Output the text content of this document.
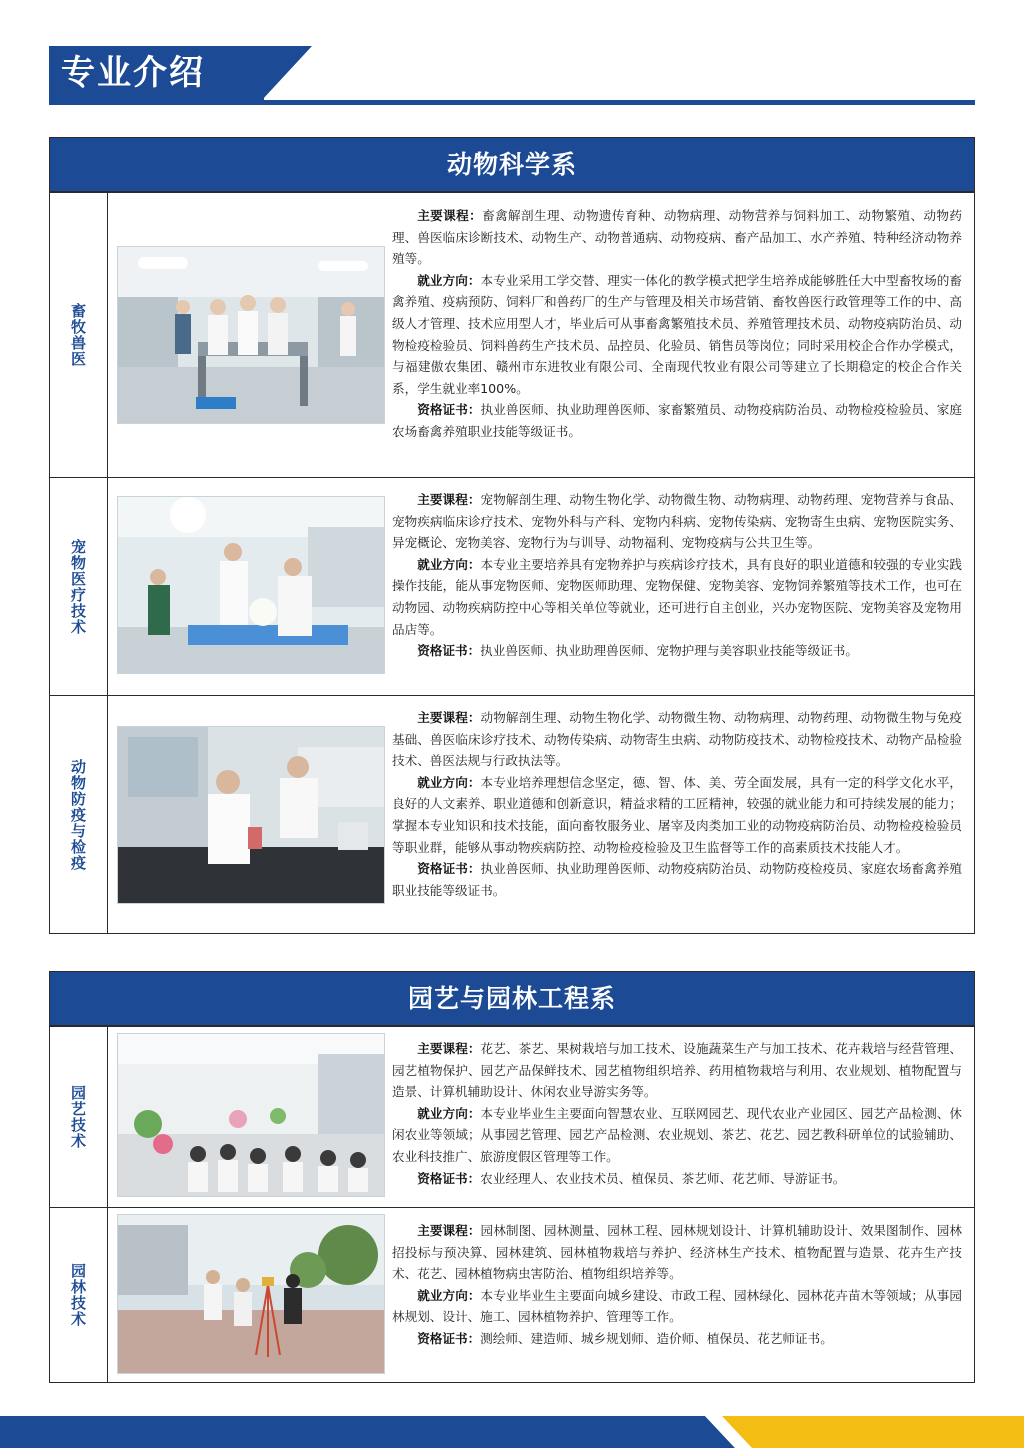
专业介绍
动物科学系
畜牧兽医

主要课程：畜禽解剖生理、动物遗传育种、动物病理、动物营养与饲料加工、动物繁殖、动物药理、兽医临床诊断技术、动物生产、动物普通病、动物疫病、畜产品加工、水产养殖、特种经济动物养殖等。

就业方向：本专业采用工学交替、理实一体化的教学模式把学生培养成能够胜任大中型畜牧场的畜禽养殖、疫病预防、饲料厂和兽药厂的生产与管理及相关市场营销、畜牧兽医行政管理等工作的中、高级人才管理、技术应用型人才，毕业后可从事畜禽繁殖技术员、养殖管理技术员、动物疫病防治员、动物检疫检验员、饲料兽药生产技术员、品控员、化验员、销售员等岗位；同时采用校企合作办学模式，与福建傲农集团、赣州市东进牧业有限公司、全南现代牧业有限公司等建立了长期稳定的校企合作关系，学生就业率100%。

资格证书：执业兽医师、执业助理兽医师、家畜繁殖员、动物疫病防治员、动物检疫检验员、家庭农场畜禽养殖职业技能等级证书。

宠物医疗技术

主要课程：宠物解剖生理、动物生物化学、动物微生物、动物病理、动物药理、宠物营养与食品、宠物疾病临床诊疗技术、宠物外科与产科、宠物内科病、宠物传染病、宠物寄生虫病、宠物医院实务、异宠概论、宠物美容、宠物行为与训导、动物福利、宠物疫病与公共卫生等。

就业方向：本专业主要培养具有宠物养护与疾病诊疗技术，具有良好的职业道德和较强的专业实践操作技能，能从事宠物医师、宠物医师助理、宠物保健、宠物美容、宠物饲养繁殖等技术工作，也可在动物园、动物疾病防控中心等相关单位等就业，还可进行自主创业，兴办宠物医院、宠物美容及宠物用品店等。

资格证书：执业兽医师、执业助理兽医师、宠物护理与美容职业技能等级证书。

动物防疫与检疫

主要课程：动物解剖生理、动物生物化学、动物微生物、动物病理、动物药理、动物微生物与免疫基础、兽医临床诊疗技术、动物传染病、动物寄生虫病、动物防疫技术、动物检疫技术、动物产品检验技术、兽医法规与行政执法等。

就业方向：本专业培养理想信念坚定，德、智、体、美、劳全面发展，具有一定的科学文化水平，良好的人文素养、职业道德和创新意识，精益求精的工匠精神，较强的就业能力和可持续发展的能力；掌握本专业知识和技术技能，面向畜牧服务业、屠宰及肉类加工业的动物疫病防治员、动物检疫检验员等职业群，能够从事动物疾病防控、动物检疫检验及卫生监督等工作的高素质技术技能人才。

资格证书：执业兽医师、执业助理兽医师、动物疫病防治员、动物防疫检疫员、家庭农场畜禽养殖职业技能等级证书。

园艺与园林工程系
园艺技术

主要课程：花艺、茶艺、果树栽培与加工技术、设施蔬菜生产与加工技术、花卉栽培与经营管理、园艺植物保护、园艺产品保鲜技术、园艺植物组织培养、药用植物栽培与利用、农业规划、植物配置与造景、计算机辅助设计、休闲农业导游实务等。

就业方向：本专业毕业生主要面向智慧农业、互联网园艺、现代农业产业园区、园艺产品检测、休闲农业等领域；从事园艺管理、园艺产品检测、农业规划、茶艺、花艺、园艺教科研单位的试验辅助、农业科技推广、旅游度假区管理等工作。

资格证书：农业经理人、农业技术员、植保员、茶艺师、花艺师、导游证书。

园林技术

主要课程：园林制图、园林测量、园林工程、园林规划设计、计算机辅助设计、效果图制作、园林招投标与预决算、园林建筑、园林植物栽培与养护、经济林生产技术、植物配置与造景、花卉生产技术、花艺、园林植物病虫害防治、植物组织培养等。

就业方向：本专业毕业生主要面向城乡建设、市政工程、园林绿化、园林花卉苗木等领域；从事园林规划、设计、施工、园林植物养护、管理等工作。

资格证书：测绘师、建造师、城乡规划师、造价师、植保员、花艺师证书。
